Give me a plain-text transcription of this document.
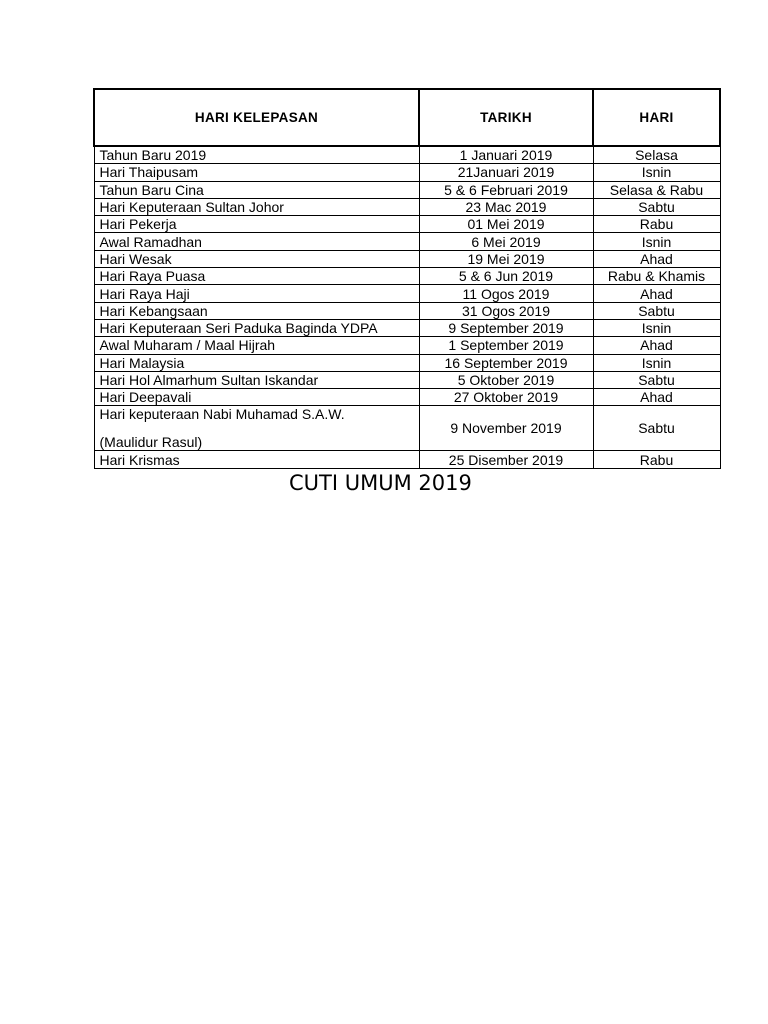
HARI KELEPASAN	TARIKH	HARI
Tahun Baru 2019	1 Januari 2019	Selasa
Hari Thaipusam	21Januari 2019	Isnin
Tahun Baru Cina	5 & 6 Februari 2019	Selasa & Rabu
Hari Keputeraan Sultan Johor	23 Mac 2019	Sabtu
Hari Pekerja	01 Mei 2019	Rabu
Awal Ramadhan	6 Mei 2019	Isnin
Hari Wesak	19 Mei 2019	Ahad
Hari Raya Puasa	5 & 6 Jun 2019	Rabu & Khamis
Hari Raya Haji	11 Ogos 2019	Ahad
Hari Kebangsaan	31 Ogos 2019	Sabtu
Hari Keputeraan Seri Paduka Baginda YDPA	9 September 2019	Isnin
Awal Muharam / Maal Hijrah	1 September 2019	Ahad
Hari Malaysia	16 September 2019	Isnin
Hari Hol Almarhum Sultan Iskandar	5 Oktober 2019	Sabtu
Hari Deepavali	27 Oktober 2019	Ahad

Hari keputeraan Nabi Muhamad S.A.W.
(Maulidur Rasul)	9 November 2019	Sabtu
Hari Krismas	25 Disember 2019	Rabu
CUTI UMUM 2019
